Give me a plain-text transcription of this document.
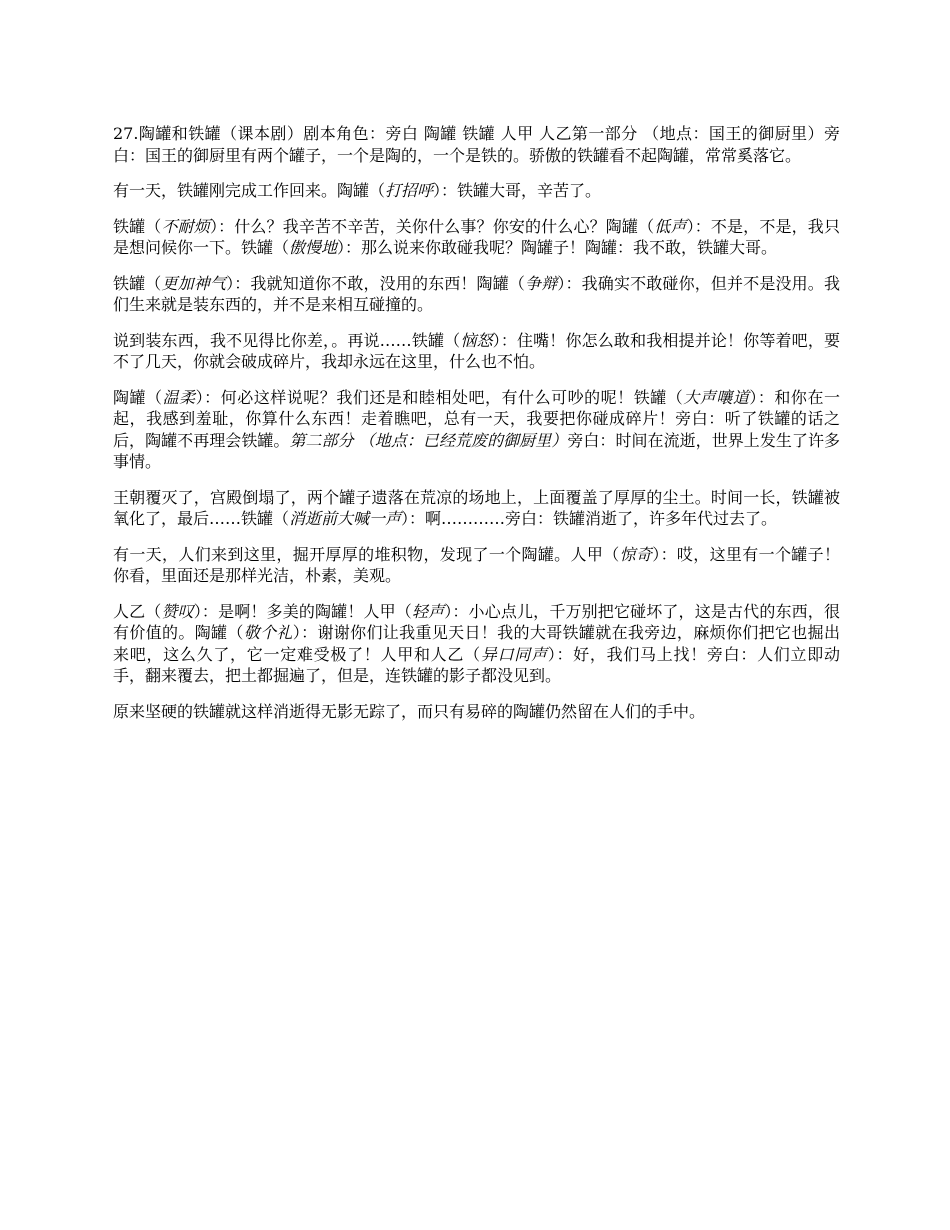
27.陶罐和铁罐（课本剧）剧本角色：旁白 陶罐 铁罐 人甲 人乙第一部分 （地点：国王的御厨里）旁白：国王的御厨里有两个罐子，一个是陶的，一个是铁的。骄傲的铁罐看不起陶罐，常常奚落它。

有一天，铁罐刚完成工作回来。陶罐（打招呼）：铁罐大哥，辛苦了。

铁罐（不耐烦）：什么？我辛苦不辛苦，关你什么事？你安的什么心？陶罐（低声）：不是，不是，我只是想问候你一下。铁罐（傲慢地）：那么说来你敢碰我呢？陶罐子！陶罐：我不敢，铁罐大哥。

铁罐（更加神气）：我就知道你不敢，没用的东西！陶罐（争辩）：我确实不敢碰你，但并不是没用。我们生来就是装东西的，并不是来相互碰撞的。

说到装东西，我不见得比你差，。再说……铁罐（恼怒）：住嘴！你怎么敢和我相提并论！你等着吧，要不了几天，你就会破成碎片，我却永远在这里，什么也不怕。

陶罐（温柔）：何必这样说呢？我们还是和睦相处吧，有什么可吵的呢！铁罐（大声嚷道）：和你在一起，我感到羞耻，你算什么东西！走着瞧吧，总有一天，我要把你碰成碎片！旁白：听了铁罐的话之后，陶罐不再理会铁罐。第二部分 （地点：已经荒废的御厨里）旁白：时间在流逝，世界上发生了许多事情。

王朝覆灭了，宫殿倒塌了，两个罐子遗落在荒凉的场地上，上面覆盖了厚厚的尘土。时间一长，铁罐被氧化了，最后……铁罐（消逝前大喊一声）：啊…………旁白：铁罐消逝了，许多年代过去了。

有一天，人们来到这里，掘开厚厚的堆积物，发现了一个陶罐。人甲（惊奇）：哎，这里有一个罐子！你看，里面还是那样光洁，朴素，美观。

人乙（赞叹）：是啊！多美的陶罐！人甲（轻声）：小心点儿，千万别把它碰坏了，这是古代的东西，很有价值的。陶罐（敬个礼）：谢谢你们让我重见天日！我的大哥铁罐就在我旁边，麻烦你们把它也掘出来吧，这么久了，它一定难受极了！人甲和人乙（异口同声）：好，我们马上找！旁白：人们立即动手，翻来覆去，把土都掘遍了，但是，连铁罐的影子都没见到。

原来坚硬的铁罐就这样消逝得无影无踪了，而只有易碎的陶罐仍然留在人们的手中。
